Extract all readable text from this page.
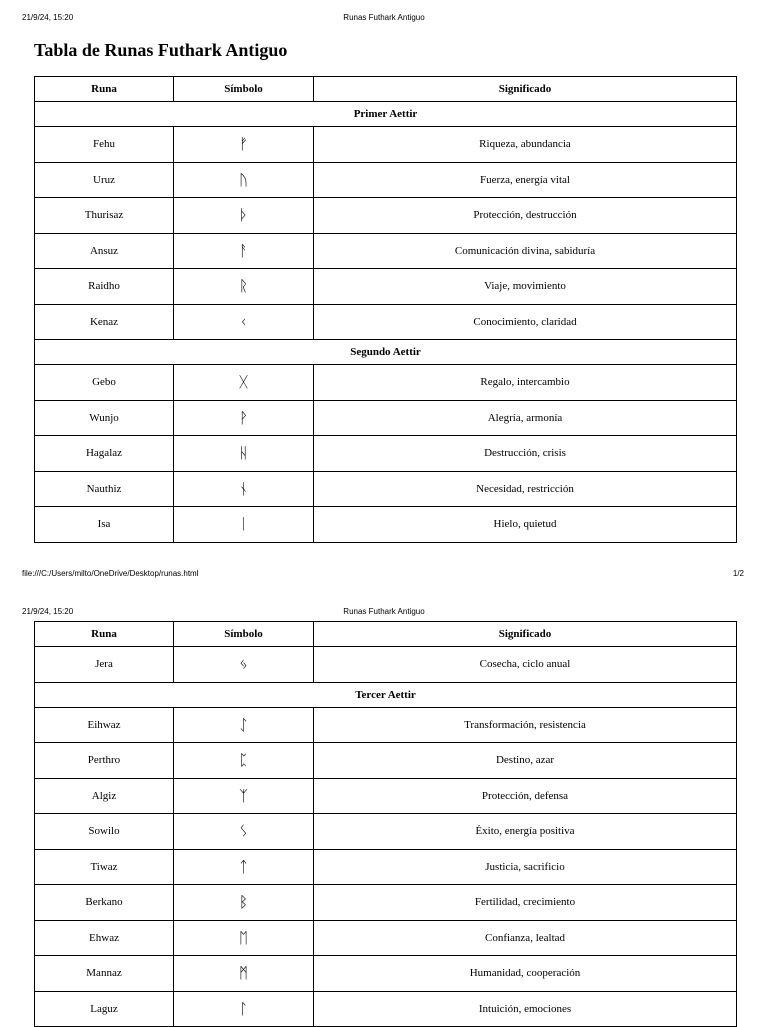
21/9/24, 15:20	Runas Futhark Antiguo
Tabla de Runas Futhark Antiguo
Runa	Símbolo	Significado
Primer Aettir		
Fehu	ᚠ	Riqueza, abundancia
Uruz	ᚢ	Fuerza, energía vital
Thurisaz	ᚦ	Protección, destrucción
Ansuz	ᚨ	Comunicación divina, sabiduría
Raidho	ᚱ	Viaje, movimiento
Kenaz	ᚲ	Conocimiento, claridad
Segundo Aettir		
Gebo	ᚷ	Regalo, intercambio
Wunjo	ᚹ	Alegría, armonía
Hagalaz	ᚺ	Destrucción, crisis
Nauthiz	ᚾ	Necesidad, restricción
Isa	ᛁ	Hielo, quietud
file:///C:/Users/milto/OneDrive/Desktop/runas.html	1/2
21/9/24, 15:20	Runas Futhark Antiguo
Runa	Símbolo	Significado
Jera	ᛃ	Cosecha, ciclo anual
Tercer Aettir		
Eihwaz	ᛇ	Transformación, resistencia
Perthro	ᛈ	Destino, azar
Algiz	ᛉ	Protección, defensa
Sowilo	ᛊ	Éxito, energía positiva
Tiwaz	ᛏ	Justicia, sacrificio
Berkano	ᛒ	Fertilidad, crecimiento
Ehwaz	ᛖ	Confianza, lealtad
Mannaz	ᛗ	Humanidad, cooperación
Laguz	ᛚ	Intuición, emociones
